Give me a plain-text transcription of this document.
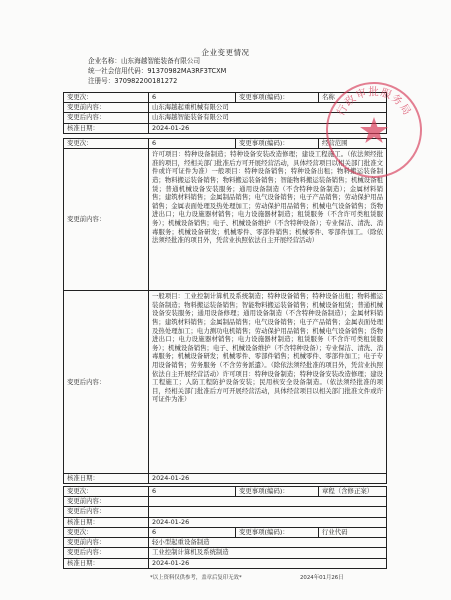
企业变更情况
企业名称：山东海越智能装备有限公司
统一社会信用代码：91370982MA3RF3TCXM
注册号：370982200181272
变更次：	6	变更事项(编码)：	名称
变更前内容：	山东海越起重机械有限公司		
变更后内容：	山东海越智能装备有限公司		
核准日期：	2024-01-26		
变更次：	6	变更事项(编码)：	经营范围
变更前内容：	许可项目：特种设备制造；特种设备安装改造修理；建设工程施工。（依法须经批准的项目，经相关部门批准后方可开展经营活动，具体经营项目以相关部门批准文件或许可证件为准）一般项目：特种设备销售；特种设备出租；物料搬运装备制造；物料搬运装备销售；物料搬运装备销售；智能物料搬运装备销售；机械设备租赁；普通机械设备安装服务；通用设备制造（不含特种设备制造）；金属材料销售；建筑材料销售；金属制品销售；电气设备销售；电子产品销售；劳动保护用品销售；金属表面处理及热处理加工；劳动保护用品销售；机械电气设备销售；货物进出口；电力设施器材销售；电力设施器材制造；租赁服务（不含许可类租赁服务）；机械设备销售；电子、机械设备维护（不含特种设备）；专业保洁、清洗、消毒服务；机械设备研发；机械零件、零部件销售；机械零件、零部件加工。（除依法须经批准的项目外，凭营业执照依法自主开展经营活动）		
变更后内容：	一般项目：工业控制计算机及系统制造；特种设备销售；特种设备出租；物料搬运装备制造；物料搬运装备销售；智能物料搬运装备销售；机械设备租赁；普通机械设备安装服务；通用设备修理；通用设备制造（不含特种设备制造）；金属材料销售；建筑材料销售；金属制品销售；电气设备销售；电子产品销售；金属表面处理及热处理加工；电力测功电机销售；劳动保护用品销售；机械电气设备销售；货物进出口；电力设施器材销售；电力设施器材制造；租赁服务（不含许可类租赁服务）；机械设备销售；电子、机械设备维护（不含特种设备）；专业保洁、清洗、消毒服务；机械设备研发；机械零件、零部件销售；机械零件、零部件加工；电子专用设备销售；劳务服务（不含劳务派遣）。（除依法须经批准的项目外，凭营业执照依法自主开展经营活动）许可项目：特种设备制造；特种设备安装改造修理；建设工程施工；人防工程防护设备安装；民用核安全设备制造。（依法须经批准的项目，经相关部门批准后方可开展经营活动，具体经营项目以相关部门批准文件或许可证件为准）		
核准日期：	2024-01-26		
变更次：	6	变更事项(编码)：	章程（含修正案）
变更前内容：			
变更后内容：			
核准日期：	2024-01-26		
变更次：	6	变更事项(编码)：	行业代码
变更前内容：	轻小型起重设备制造		
变更后内容：	工业控制计算机及系统制造		
核准日期：	2024-01-26		
行政审批服务局
*以上资料仅供参考，盖章后复印无效*	2024年01月26日
